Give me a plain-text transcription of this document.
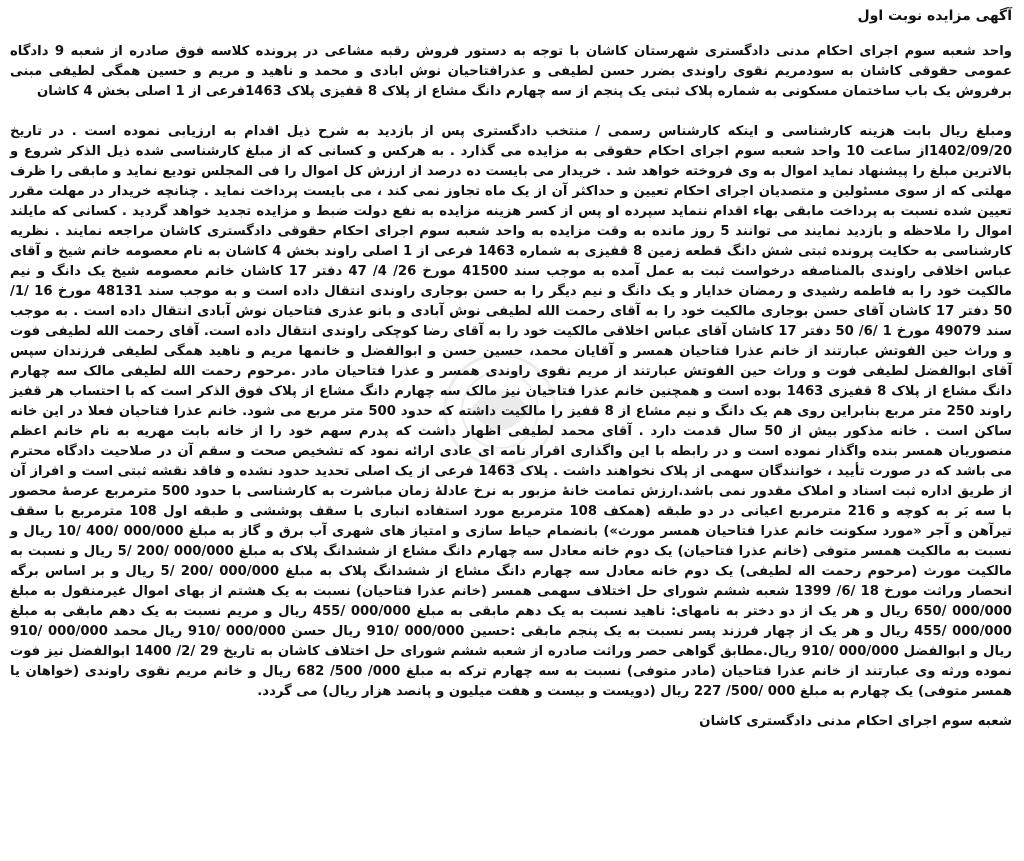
آگهی مزایده نوبت اول
واحد شعبه سوم اجرای احکام مدنی دادگستری شهرستان کاشان با توجه به دستور فروش رقبه مشاعی در پرونده کلاسه فوق صادره از شعبه 9 دادگاه عمومی حقوقی کاشان به سودمریم نقوی راوندی بضرر حسن لطیفی و عذرافتاحیان نوش ابادی و محمد و ناهید و مریم و حسین همگی لطیفی مبنی برفروش یک باب ساختمان مسکونی به شماره پلاک ثبتی یک پنجم از سه چهارم دانگ مشاع از پلاک 8 قفیزی پلاک 1463فرعی از 1 اصلی بخش 4 کاشان
ومبلغ ریال بابت هزینه کارشناسی و اینکه کارشناس رسمی / منتخب دادگستری پس از بازدید به شرح ذیل اقدام به ارزیابی نموده است . در تاریخ 1402/09/20از ساعت 10 واحد شعبه سوم اجرای احکام حقوقی به مزایده می گذارد . به هرکس و کسانی که از مبلغ کارشناسی شده ذیل الذکر شروع و بالاترین مبلغ را پیشنهاد نماید اموال به وی فروخته خواهد شد . خریدار می بایست ده درصد از ارزش کل اموال را فی المجلس تودیع نماید و مابقی را ظرف مهلتی که از سوی مسئولین و متصدیان اجرای احکام تعیین و حداکثر آن از یک ماه تجاوز نمی کند ، می بایست پرداخت نماید . چنانچه خریدار در مهلت مقرر تعیین شده نسبت به پرداخت مابقی بهاء اقدام ننماید سپرده او پس از کسر هزینه مزایده به نفع دولت ضبط و مزایده تجدید خواهد گردید . کسانی که مایلند اموال را ملاحظه و بازدید نمایند می توانند 5 روز مانده به وقت مزایده به واحد شعبه سوم اجرای احکام حقوقی دادگستری کاشان مراجعه نمایند . نظریه کارشناسی به حکایت پرونده ثبتی شش دانگ قطعه زمین 8 قفیزی به شماره 1463 فرعی از 1 اصلی راوند بخش 4 کاشان به نام معصومه خانم شیخ و آقای عباس اخلاقی راوندی بالمناصفه درخواست ثبت به عمل آمده به موجب سند 41500 مورخ 26/ 4/ 47 دفتر 17 کاشان خانم معصومه شیخ یک دانگ و نیم مالکیت خود را به فاطمه رشیدی و رمضان خدایار و یک دانگ و نیم دیگر را به حسن بوجاری راوندی انتقال داده است و به موجب سند 48131 مورخ 16 /1/ 50 دفتر 17 کاشان آقای حسن بوجاری مالکیت خود را به آقای رحمت الله لطیفی نوش آبادی و بانو عذری فتاحیان نوش آبادی انتقال داده است . به موجب سند 49079 مورخ 1 /6/ 50 دفتر 17 کاشان آقای عباس اخلاقی مالکیت خود را به آقای رضا کوچکی راوندی انتقال داده است. آقای رحمت الله لطیفی فوت و وراث حین الفوتش عبارتند از خانم عذرا فتاحیان همسر و آقایان محمد، حسین حسن و ابوالفضل و خانمها مریم و ناهید همگی لطیفی فرزندان سپس آقای ابوالفضل لطیفی فوت و وراث حین الفوتش عبارتند از مریم نقوی راوندی همسر و عذرا فتاحیان مادر .مرحوم رحمت الله لطیفی مالک سه چهارم دانگ مشاع از پلاک 8 قفیزی 1463 بوده است و همچنین خانم عذرا فتاحیان نیز مالک سه چهارم دانگ مشاع از پلاک فوق الذکر است که با احتساب هر قفیز راوند 250 متر مربع بنابراین روی هم یک دانگ و نیم مشاع از 8 قفیز را مالکیت داشته که حدود 500 متر مربع می شود. خانم عذرا فتاحیان فعلا در این خانه ساکن است . خانه مذکور بیش از 50 سال قدمت دارد . آقای محمد لطیفی اظهار داشت که پدرم سهم خود را از خانه بابت مهریه به نام خانم اعظم منصوریان همسر بنده واگذار نموده است و در رابطه با این واگذاری اقرار نامه ای عادی ارائه نمود که تشخیص صحت و سقم آن در صلاحیت دادگاه محترم می باشد که در صورت تأیید ، خوانندگان سهمی از پلاک نخواهند داشت . پلاک 1463 فرعی از یک اصلی تحدید حدود نشده و فاقد نقشه ثبتی است و افراز آن از طریق اداره ثبت اسناد و املاک مقدور نمی باشد.ارزش تمامت خانهٔ مزبور به نرخ عادلهٔ زمان مباشرت به کارشناسی با حدود 500 مترمربع عرصهٔ محصور با سه بَر به کوچه و 216 مترمربع اعیانی در دو طبقه (همکف 108 مترمربع مورد استفاده انباری با سقف پوششی و طبقه اول 108 مترمربع با سقف تیرآهن و آجر «مورد سکونت خانم عذرا فتاحیان همسر مورث») بانضمام حیاط سازی و امتیاز های شهری آب برق و گاز به مبلغ 000/000 /400 /10 ریال و نسبت به مالکیت همسر متوفی (خانم عذرا فتاحیان) یک دوم خانه معادل سه چهارم دانگ مشاع از ششدانگ پلاک به مبلغ 000/000 /200 /5 ریال و نسبت به مالکیت مورث (مرحوم رحمت اله لطیفی) یک دوم خانه معادل سه چهارم دانگ مشاع از ششدانگ پلاک به مبلغ 000/000 /200 /5 ریال و بر اساس برگه انحصار وراثت مورخ 18 /6/ 1399 شعبه ششم شورای حل اختلاف سهمی همسر (خانم عذرا فتاحیان) نسبت به یک هشتم از بهای اموال غیرمنقول به مبلغ 000/000 /650 ریال و هر یک از دو دختر به نامهای: ناهید نسبت به یک دهم مابقی به مبلغ 000/000 /455 ریال و مریم نسبت به یک دهم مابقی به مبلغ 000/000 /455 ریال و هر یک از چهار فرزند پسر نسبت به یک پنجم مابقی :حسین 000/000 /910 ریال حسن 000/000 /910 ریال محمد 000/000 /910 ریال و ابوالفضل 000/000 /910 ریال.مطابق گواهی حصر وراثت صادره از شعبه ششم شورای حل اختلاف کاشان به تاریخ 29 /2/ 1400 ابوالفضل نیز فوت نموده ورثه وی عبارتند از خانم عذرا فتاحیان (مادر متوفی) نسبت به سه چهارم ترکه به مبلغ 000/ 500/ 682 ریال و خانم مریم نقوی راوندی (خواهان یا همسر متوفی) یک چهارم به مبلغ 000 /500/ 227 ریال (دویست و بیست و هفت میلیون و پانصد هزار ریال) می گردد.
شعبه سوم اجرای احکام مدنی دادگستری کاشان
